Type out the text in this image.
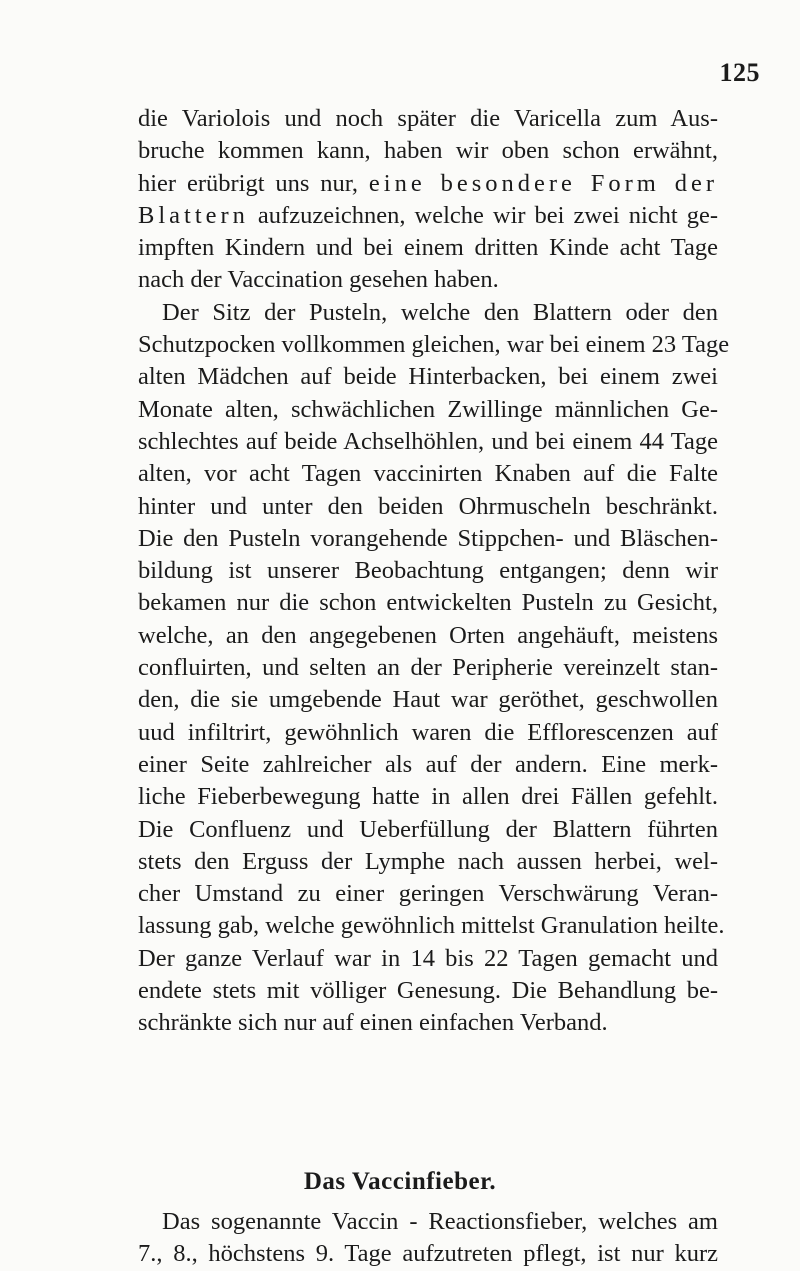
125
die Variolois und noch später die Varicella zum Aus-
bruche kommen kann, haben wir oben schon erwähnt,
hier erübrigt uns nur, eine besondere Form der
Blattern aufzuzeichnen, welche wir bei zwei nicht ge-
impften Kindern und bei einem dritten Kinde acht Tage
nach der Vaccination gesehen haben.
Der Sitz der Pusteln, welche den Blattern oder den
Schutzpocken vollkommen gleichen, war bei einem 23 Tage
alten Mädchen auf beide Hinterbacken, bei einem zwei
Monate alten, schwächlichen Zwillinge männlichen Ge-
schlechtes auf beide Achselhöhlen, und bei einem 44 Tage
alten, vor acht Tagen vaccinirten Knaben auf die Falte
hinter und unter den beiden Ohrmuscheln beschränkt.
Die den Pusteln vorangehende Stippchen- und Bläschen-
bildung ist unserer Beobachtung entgangen; denn wir
bekamen nur die schon entwickelten Pusteln zu Gesicht,
welche, an den angegebenen Orten angehäuft, meistens
confluirten, und selten an der Peripherie vereinzelt stan-
den, die sie umgebende Haut war geröthet, geschwollen
uud infiltrirt, gewöhnlich waren die Efflorescenzen auf
einer Seite zahlreicher als auf der andern. Eine merk-
liche Fieberbewegung hatte in allen drei Fällen gefehlt.
Die Confluenz und Ueberfüllung der Blattern führten
stets den Erguss der Lymphe nach aussen herbei, wel-
cher Umstand zu einer geringen Verschwärung Veran-
lassung gab, welche gewöhnlich mittelst Granulation heilte.
Der ganze Verlauf war in 14 bis 22 Tagen gemacht und
endete stets mit völliger Genesung. Die Behandlung be-
schränkte sich nur auf einen einfachen Verband.
Das Vaccinfieber.
Das sogenannte Vaccin - Reactionsfieber, welches am
7., 8., höchstens 9. Tage aufzutreten pflegt, ist nur kurz
